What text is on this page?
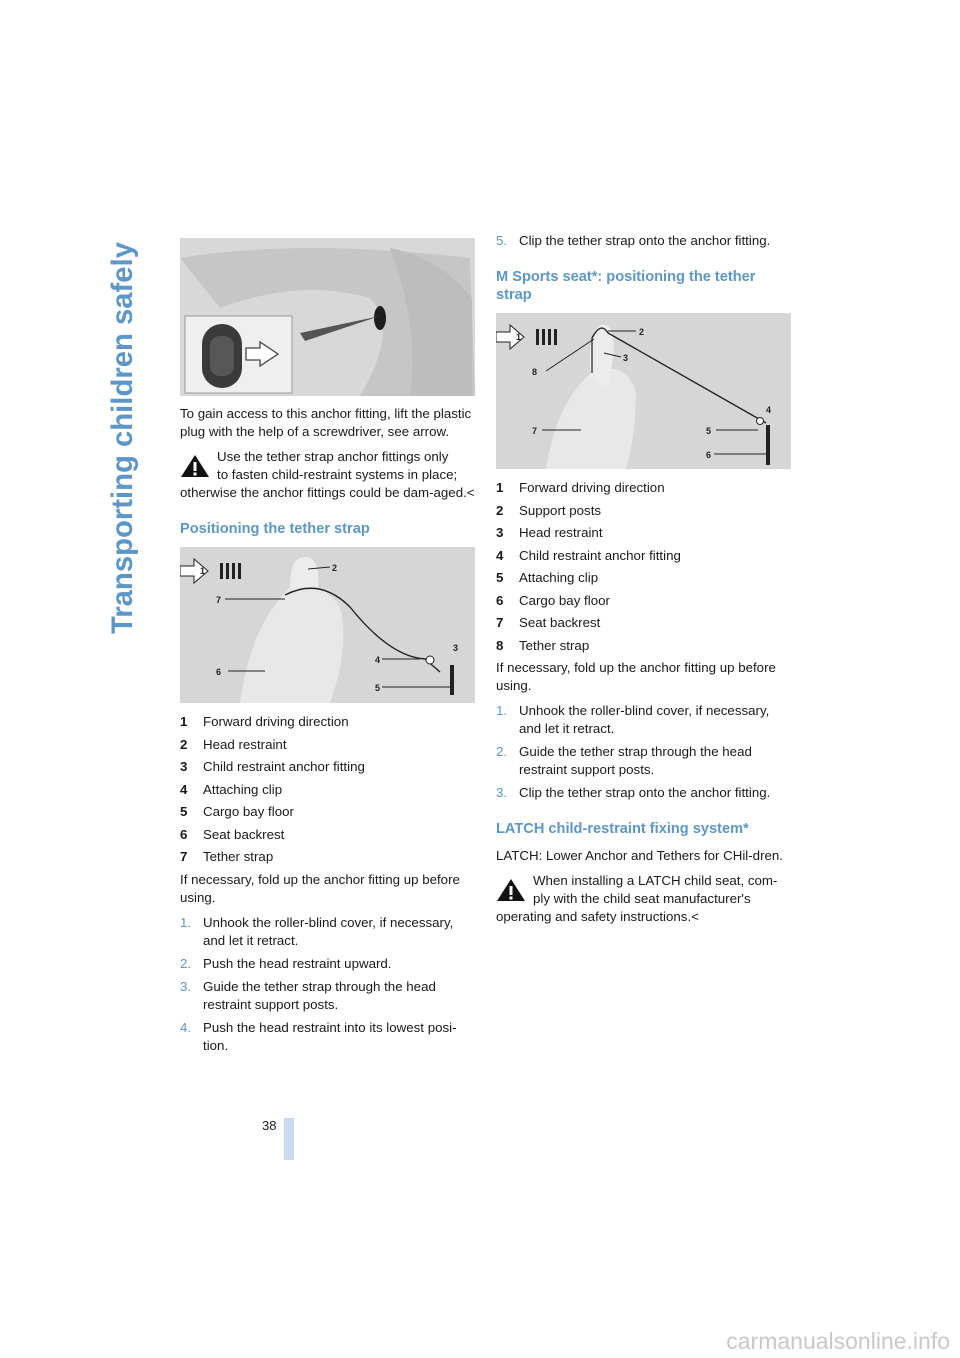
Transporting children safely
38

To gain access to this anchor fitting, lift the plastic plug with the help of a screwdriver, see arrow.

Use the tether strap anchor fittings only
to fasten child-restraint systems in place;
otherwise the anchor fittings could be dam-aged.<
Positioning the tether strap
1	2
3
4
5
6
7
1	Forward driving direction
2	Head restraint
3	Child restraint anchor fitting
4	Attaching clip
5	Cargo bay floor
6	Seat backrest
7	Tether strap

If necessary, fold up the anchor fitting up before using.

1. Unhook the roller-blind cover, if necessary, and let it retract.
2. Push the head restraint upward.
3. Guide the tether strap through the head restraint support posts.
4. Push the head restraint into its lowest posi-tion.
5. Clip the tether strap onto the anchor fitting.
M Sports seat*: positioning the tether strap
1	2
3
4
5
6
7
8
1	Forward driving direction
2	Support posts
3	Head restraint
4	Child restraint anchor fitting
5	Attaching clip
6	Cargo bay floor
7	Seat backrest
8	Tether strap

If necessary, fold up the anchor fitting up before using.

1. Unhook the roller-blind cover, if necessary, and let it retract.
2. Guide the tether strap through the head restraint support posts.
3. Clip the tether strap onto the anchor fitting.
LATCH child-restraint fixing system*

LATCH: Lower Anchor and Tethers for CHil-dren.

When installing a LATCH child seat, com-
ply with the child seat manufacturer's
operating and safety instructions.<
carmanualsonline.info
